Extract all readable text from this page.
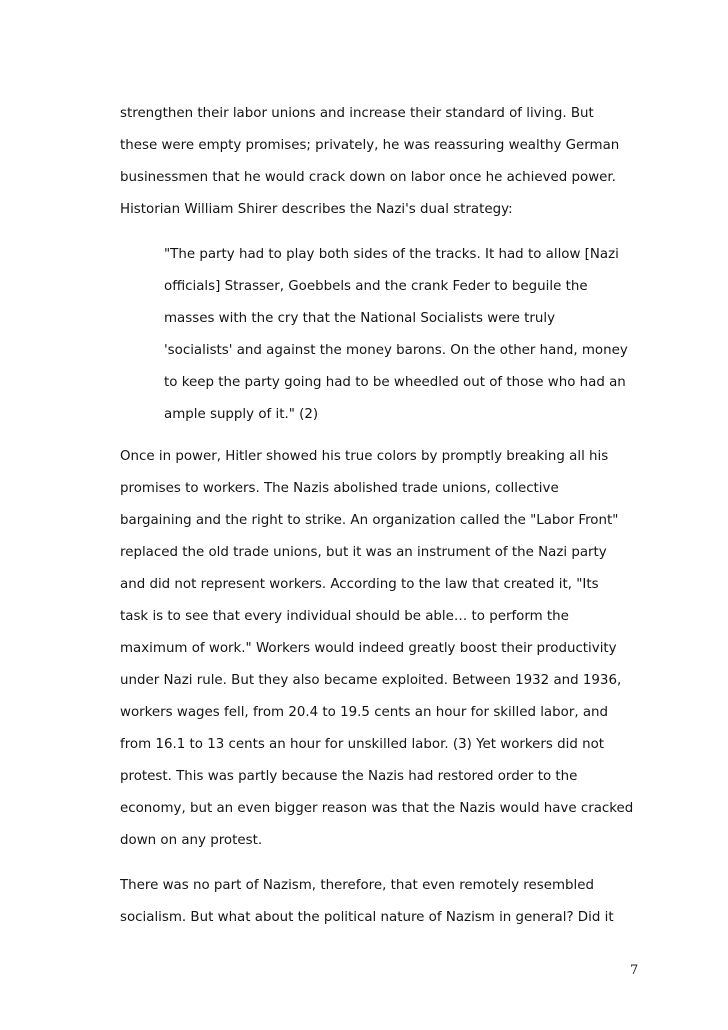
strengthen their labor unions and increase their standard of living. But
these were empty promises; privately, he was reassuring wealthy German
businessmen that he would crack down on labor once he achieved power.
Historian William Shirer describes the Nazi's dual strategy:
"The party had to play both sides of the tracks. It had to allow [Nazi
officials] Strasser, Goebbels and the crank Feder to beguile the
masses with the cry that the National Socialists were truly
'socialists' and against the money barons. On the other hand, money
to keep the party going had to be wheedled out of those who had an
ample supply of it." (2)
Once in power, Hitler showed his true colors by promptly breaking all his
promises to workers. The Nazis abolished trade unions, collective
bargaining and the right to strike. An organization called the "Labor Front"
replaced the old trade unions, but it was an instrument of the Nazi party
and did not represent workers. According to the law that created it, "Its
task is to see that every individual should be able… to perform the
maximum of work." Workers would indeed greatly boost their productivity
under Nazi rule. But they also became exploited. Between 1932 and 1936,
workers wages fell, from 20.4 to 19.5 cents an hour for skilled labor, and
from 16.1 to 13 cents an hour for unskilled labor. (3) Yet workers did not
protest. This was partly because the Nazis had restored order to the
economy, but an even bigger reason was that the Nazis would have cracked
down on any protest.
There was no part of Nazism, therefore, that even remotely resembled
socialism. But what about the political nature of Nazism in general? Did it
7
